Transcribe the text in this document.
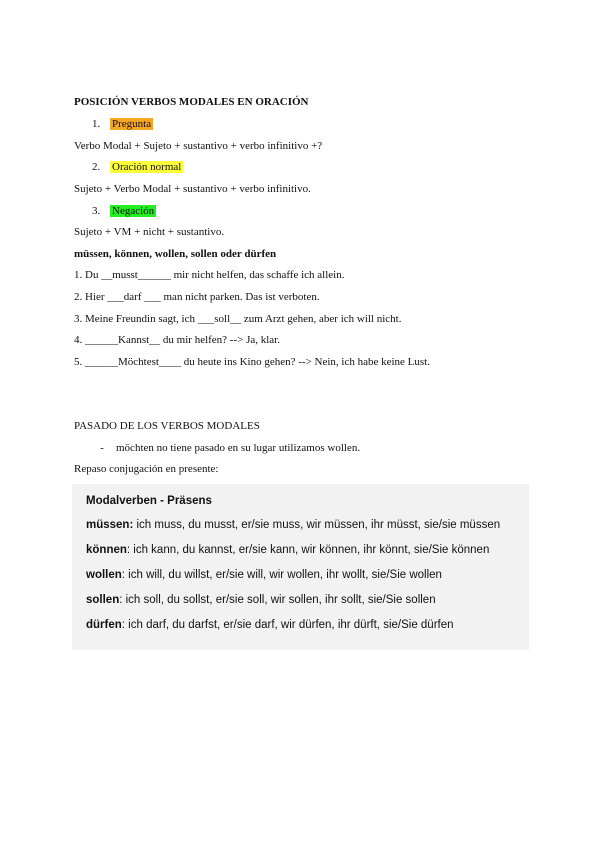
POSICIÓN VERBOS MODALES EN ORACIÓN
1. Pregunta
Verbo Modal + Sujeto + sustantivo + verbo infinitivo +?
2. Oración normal
Sujeto + Verbo Modal + sustantivo + verbo infinitivo.
3. Negación
Sujeto + VM + nicht + sustantivo.
müssen, können, wollen, sollen oder dürfen
1. Du __musst______ mir nicht helfen, das schaffe ich allein.
2. Hier ___darf ___ man nicht parken. Das ist verboten.
3. Meine Freundin sagt, ich ___soll__ zum Arzt gehen, aber ich will nicht.
4. ______Kannst__ du mir helfen? --> Ja, klar.
5. ______Möchtest____ du heute ins Kino gehen? --> Nein, ich habe keine Lust.
PASADO DE LOS VERBOS MODALES
- möchten no tiene pasado en su lugar utilizamos wollen.
Repaso conjugación en presente:
Modalverben - Präsens
müssen: ich muss, du musst, er/sie muss, wir müssen, ihr müsst, sie/sie müssen
können: ich kann, du kannst, er/sie kann, wir können, ihr könnt, sie/Sie können
wollen: ich will, du willst, er/sie will, wir wollen, ihr wollt, sie/Sie wollen
sollen: ich soll, du sollst, er/sie soll, wir sollen, ihr sollt, sie/Sie sollen
dürfen: ich darf, du darfst, er/sie darf, wir dürfen, ihr dürft, sie/Sie dürfen
